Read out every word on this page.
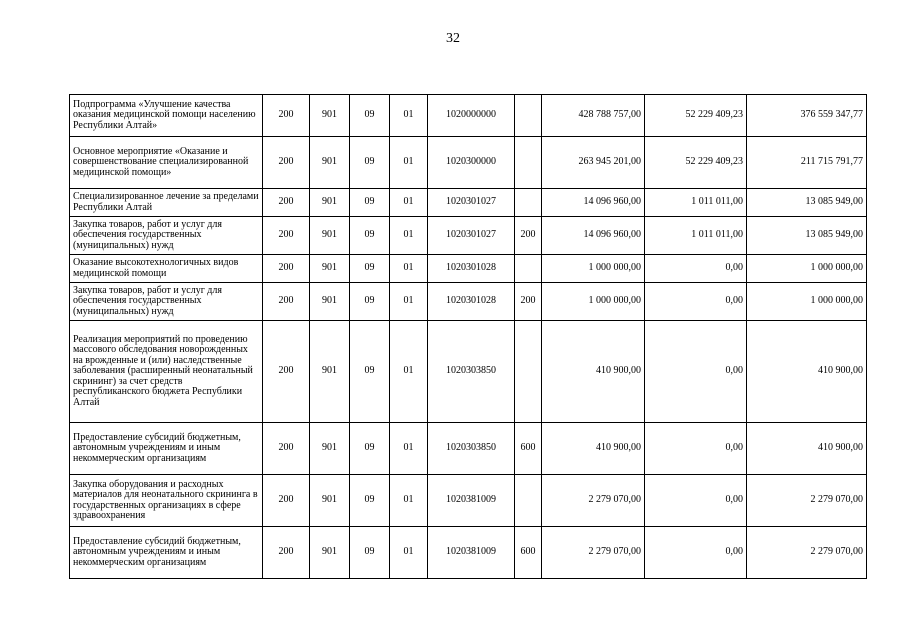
32
Подпрограмма «Улучшение качества оказания медицинской помощи населению Республики Алтай»	200	901	09	01	1020000000		428 788 757,00	52 229 409,23	376 559 347,77
Основное мероприятие «Оказание и совершенствование специализированной медицинской помощи»	200	901	09	01	1020300000		263 945 201,00	52 229 409,23	211 715 791,77
Специализированное лечение за пределами Республики Алтай	200	901	09	01	1020301027		14 096 960,00	1 011 011,00	13 085 949,00
Закупка товаров, работ и услуг для обеспечения государственных (муниципальных) нужд	200	901	09	01	1020301027	200	14 096 960,00	1 011 011,00	13 085 949,00
Оказание высокотехнологичных видов медицинской помощи	200	901	09	01	1020301028		1 000 000,00	0,00	1 000 000,00
Закупка товаров, работ и услуг для обеспечения государственных (муниципальных) нужд	200	901	09	01	1020301028	200	1 000 000,00	0,00	1 000 000,00
Реализация мероприятий по проведению массового обследования новорожденных на врожденные и (или) наследственные заболевания (расширенный неонатальный скрининг) за счет средств республиканского бюджета Республики Алтай	200	901	09	01	1020303850		410 900,00	0,00	410 900,00
Предоставление субсидий бюджетным, автономным учреждениям и иным некоммерческим организациям	200	901	09	01	1020303850	600	410 900,00	0,00	410 900,00
Закупка оборудования и расходных материалов для неонатального скрининга в государственных организациях в сфере здравоохранения	200	901	09	01	1020381009		2 279 070,00	0,00	2 279 070,00
Предоставление субсидий бюджетным, автономным учреждениям и иным некоммерческим организациям	200	901	09	01	1020381009	600	2 279 070,00	0,00	2 279 070,00
